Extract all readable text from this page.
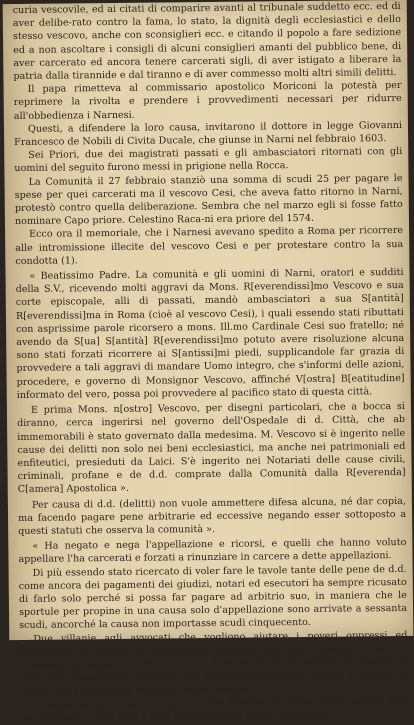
curia vescovile, ed ai citati di comparire avanti al tribunale suddetto ecc. ed di aver delibe-rato contro la fama, lo stato, la dignità degli ecclesiastici e dello stesso vescovo, anche con sconsiglieri ecc. e citando il popolo a fare sedizione ed a non ascoltare i consigli di alcuni consiglieri amanti del pubblico bene, di aver carcerato ed ancora tenere carcerati sigli, di aver istigato a liberare la patria dalla tirannide e dal tiranno e di aver commesso molti altri simili delitti.

Il papa rimetteva al commissario apostolico Moriconi la potestà per reprimere la rivolta e prendere i provvedimenti necessari per ridurre all'obbedienza i Narnesi.

Questi, a difendere la loro causa, invitarono il dottore in legge Giovanni Francesco de Nobili di Civita Ducale, che giunse in Narni nel febbraio 1603.

Sei Priori, due dei magistrati passati e gli ambasciatori ritornati con gli uomini del seguito furono messi in prigione nella Rocca.

La Comunità il 27 febbraio stanziò una somma di scudi 25 per pagare le spese per quei carcerati ma il vescovo Cesi, che aveva fatto ritorno in Narni, protestò contro quella deliberazione. Sembra che nel marzo egli si fosse fatto nominare Capo priore. Celestino Raca-ni era priore del 1574.

Ecco ora il memoriale, che i Narnesi avevano spedito a Roma per ricorrere alle intromissione illecite del vescovo Cesi e per protestare contro la sua condotta (1).

« Beatissimo Padre. La comunità e gli uomini di Narni, oratori e sudditi della S.V., ricevendo molti aggravi da Mons. R[everendissi]mo Vescovo e sua corte episcopale, alli di passati, mandò ambasciatori a sua S[antità] R[everendissi]ma in Roma (cioè al vescovo Cesi), i quali essendo stati ributtati con asprissime parole ricorsero a mons. Ill.mo Cardinale Cesi suo fratello; né avendo da S[ua] S[antità] R[everendissi]mo potuto avere risoluzione alcuna sono stati forzati ricorrere ai S[antissi]mi piedi, supplicandole far grazia di provvedere a tali aggravi di mandare Uomo integro, che s'informi delle azioni, procedere, e governo di Monsignor Vescovo, affinché V[ostra] B[eatitudine] informato del vero, possa poi provvedere al pacifico stato di questa città.

E prima Mons. n[ostro] Vescovo, per disegni particolari, che a bocca si diranno, cerca ingerirsi nel governo dell'Ospedale di d. Città, che ab immemorabili è stato governato dalla medesima. M. Vescovo si è ingerito nelle cause dei delitti non solo nei beni ecclesiastici, ma anche nei patrimoniali ed enfiteutici, presieduti da Laici. S'è ingerito nei Notariati delle cause civili, criminali, profane e de d.d. comprate dalla Comunità dalla R[everenda] C[amera] Apostolica ».

Per causa di d.d. (delitti) non vuole ammettere difesa alcuna, né dar copia, ma facendo pagare pene arbitrarie ed eccessive negando esser sottoposto a questi statuti che osserva la comunità ».

« Ha negato e nega l'appellazione e ricorsi, e quelli che hanno voluto appellare l'ha carcerati e forzati a rinunziare in carcere a dette appellazioni.

Di più essendo stato ricercato di voler fare le tavole tante delle pene de d.d. come ancora dei pagamenti dei giudizi, notari ed esecutori ha sempre ricusato di farlo solo perché si possa far pagare ad arbitrio suo, in maniera che le sportule per propine in una causa solo d'appellazione sono arrivate a sessanta scudi, ancorché la causa non importasse scudi cinquecento.

Due villanie agli avvocati che vogliono aiutare i poveri oppressi ed allegandosi le ragioni in favore degli inquisiti egli vuol rispondere "io non m'intendo di legge, andate al vicario" il quale vicario li rimanda al vescovo, e così viene impedita la giustizia. Ha proceduto ex ufficio ancora a cattura di zitelle con grandissima vergogna delle famiglie ».

« Senza alcuna causa ha separato due Matrimoni, durati lungo tempo, solo per confinare i loro beni e farli pagare grosse spese Pecuniarie ».
